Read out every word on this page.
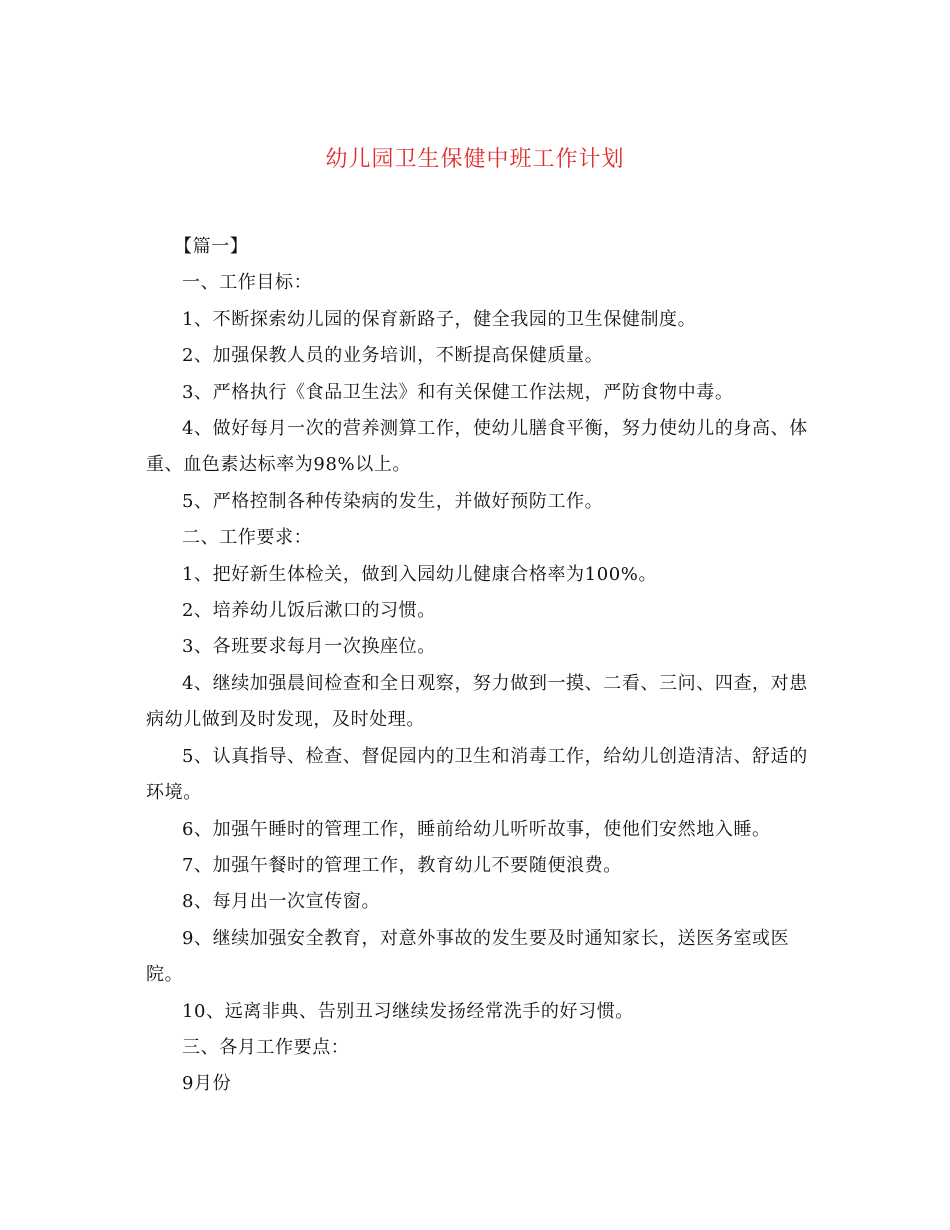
幼儿园卫生保健中班工作计划

【篇一】

一、工作目标：

1、不断探索幼儿园的保育新路子，健全我园的卫生保健制度。

2、加强保教人员的业务培训，不断提高保健质量。

3、严格执行《食品卫生法》和有关保健工作法规，严防食物中毒。

4、做好每月一次的营养测算工作，使幼儿膳食平衡，努力使幼儿的身高、体重、血色素达标率为98%以上。

5、严格控制各种传染病的发生，并做好预防工作。

二、工作要求：

1、把好新生体检关，做到入园幼儿健康合格率为100%。

2、培养幼儿饭后漱口的习惯。

3、各班要求每月一次换座位。

4、继续加强晨间检查和全日观察，努力做到一摸、二看、三问、四查，对患病幼儿做到及时发现，及时处理。

5、认真指导、检查、督促园内的卫生和消毒工作，给幼儿创造清洁、舒适的环境。

6、加强午睡时的管理工作，睡前给幼儿听听故事，使他们安然地入睡。

7、加强午餐时的管理工作，教育幼儿不要随便浪费。

8、每月出一次宣传窗。

9、继续加强安全教育，对意外事故的发生要及时通知家长，送医务室或医院。

10、远离非典、告别丑习继续发扬经常洗手的好习惯。

三、各月工作要点：

9月份
